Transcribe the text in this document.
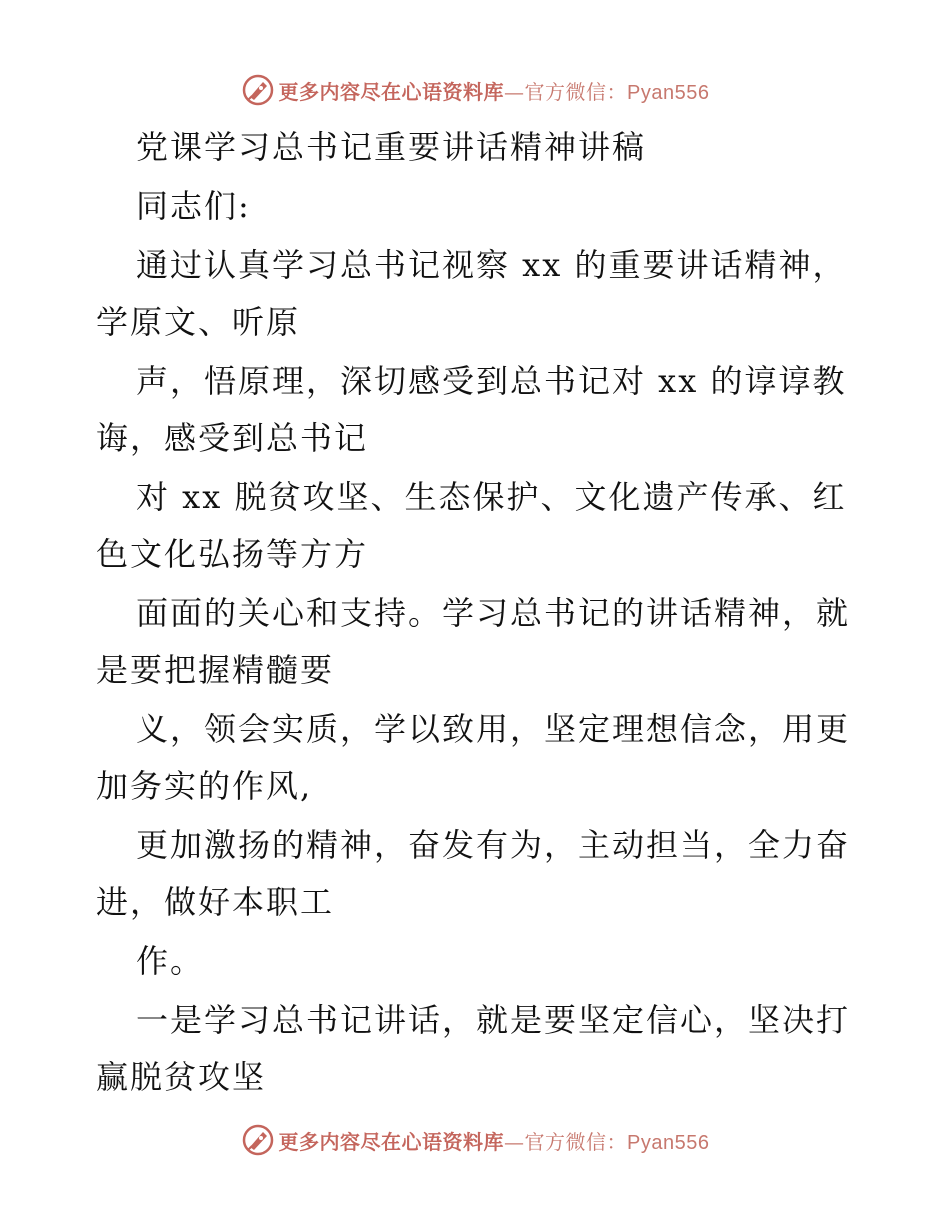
更多内容尽在心语资料库—官方微信：Pyan556
党课学习总书记重要讲话精神讲稿
同志们:
通过认真学习总书记视察 xx 的重要讲话精神，
学原文、听原
声，悟原理，深切感受到总书记对 xx 的谆谆教
诲，感受到总书记
对 xx 脱贫攻坚、生态保护、文化遗产传承、红
色文化弘扬等方方
面面的关心和支持。学习总书记的讲话精神，就
是要把握精髓要
义，领会实质，学以致用，坚定理想信念，用更
加务实的作风,
更加激扬的精神，奋发有为，主动担当，全力奋
进，做好本职工
作。
一是学习总书记讲话，就是要坚定信心，坚决打
赢脱贫攻坚
更多内容尽在心语资料库—官方微信：Pyan556
